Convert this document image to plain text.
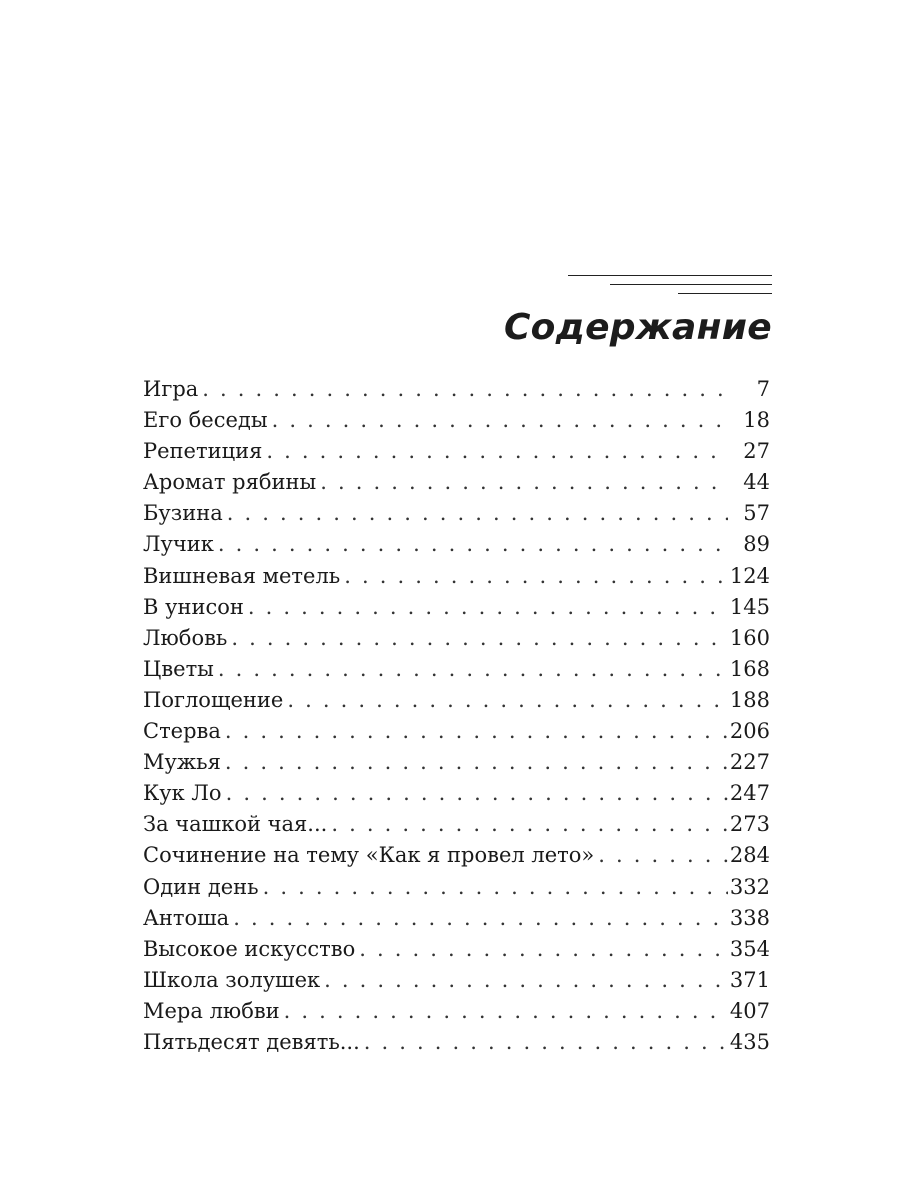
Содержание
Игра . . .	7
Его беседы . . .	18
Репетиция . . .	27
Аромат рябины . . .	44
Бузина . . .	57
Лучик . . .	89
Вишневая метель . . .	124
В унисон . . .	145
Любовь . . .	160
Цветы . . .	168
Поглощение . . .	188
Стерва . . .	206
Мужья . . .	227
Кук Ло . . .	247
За чашкой чая... . . .	273
Сочинение на тему «Как я провел лето» . . .	284
Один день . . .	332
Антоша . . .	338
Высокое искусство . . .	354
Школа золушек . . .	371
Мера любви . . .	407
Пятьдесят девять... . . .	435
